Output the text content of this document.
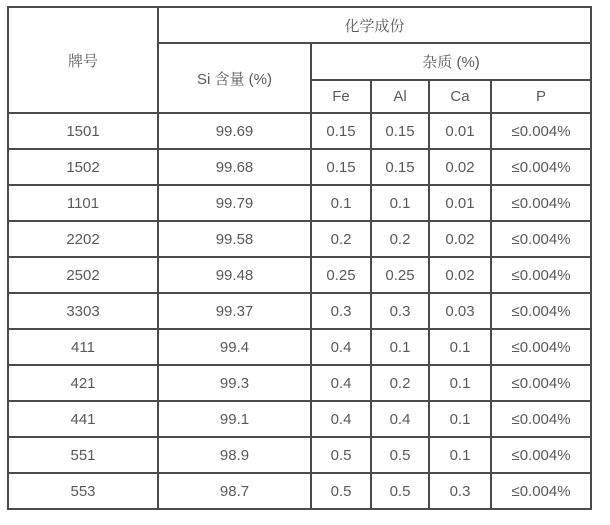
牌号	化学成份				
	Si 含量 (%)	杂质 (%)			
		Fe	Al	Ca	P
1501	99.69	0.15	0.15	0.01	≤0.004%
1502	99.68	0.15	0.15	0.02	≤0.004%
1101	99.79	0.1	0.1	0.01	≤0.004%
2202	99.58	0.2	0.2	0.02	≤0.004%
2502	99.48	0.25	0.25	0.02	≤0.004%
3303	99.37	0.3	0.3	0.03	≤0.004%
411	99.4	0.4	0.1	0.1	≤0.004%
421	99.3	0.4	0.2	0.1	≤0.004%
441	99.1	0.4	0.4	0.1	≤0.004%
551	98.9	0.5	0.5	0.1	≤0.004%
553	98.7	0.5	0.5	0.3	≤0.004%
